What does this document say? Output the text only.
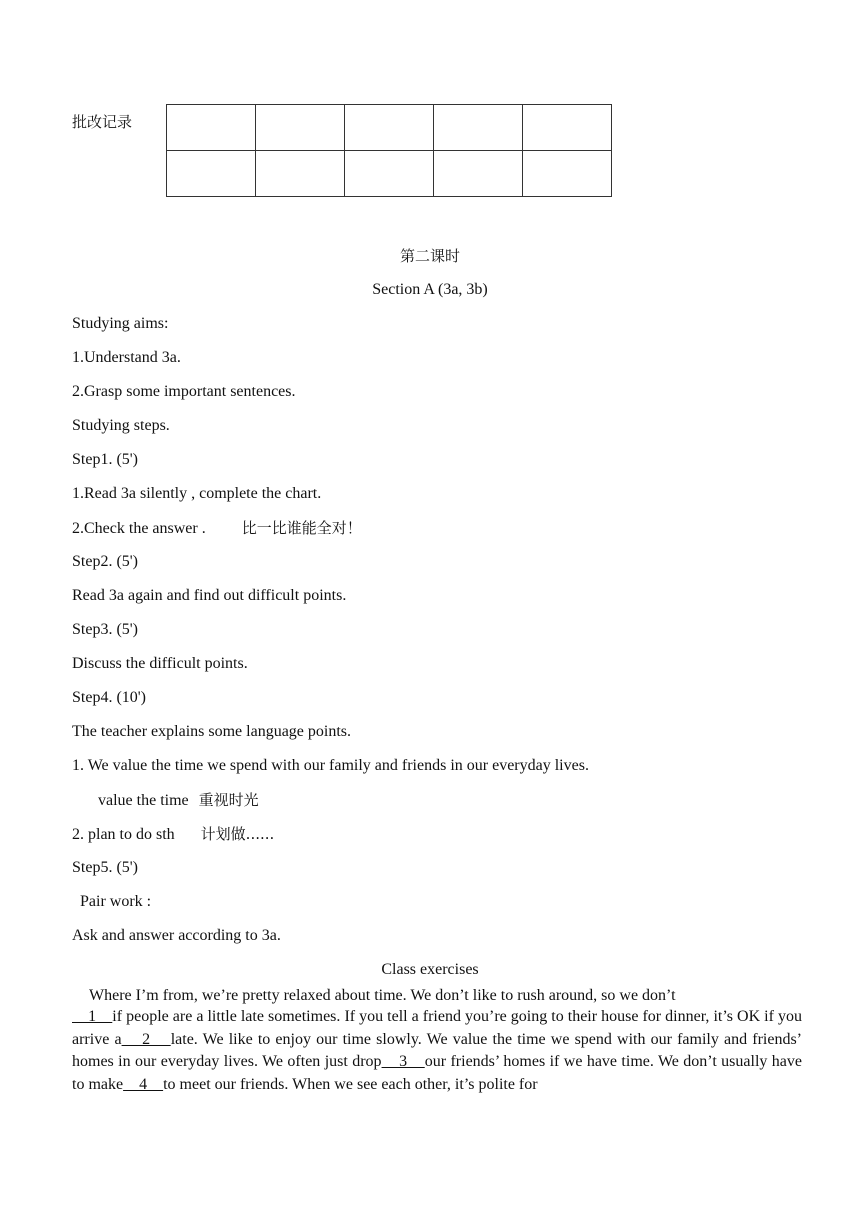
批改记录

第二课时
Section A (3a, 3b)
Studying aims:
1.Understand 3a.
2.Grasp some important sentences.
Studying steps.
Step1. (5')
1.Read 3a silently , complete the chart.
2.Check the answer . 比一比谁能全对！
Step2. (5')
Read 3a again and find out difficult points.
Step3. (5')
Discuss the difficult points.
Step4. (10')
The teacher explains some language points.
1. We value the time we spend with our family and friends in our everyday lives.
value the time 重视时光
2. plan to do sth 计划做......
Step5. (5')
Pair work :
Ask and answer according to 3a.
Class exercises
Where I’m from, we’re pretty relaxed about time. We don’t like to rush around, so we don’t

1    if people are a little late sometimes. If you tell a friend you’re going to their house for dinner, it’s OK if you arrive a    2    late. We like to enjoy our time slowly. We value the time we spend with our family and friends’ homes in our everyday lives. We often just drop    3    our friends’ homes if we have time. We don’t usually have to make    4    to meet our friends. When we see each other, it’s polite for
